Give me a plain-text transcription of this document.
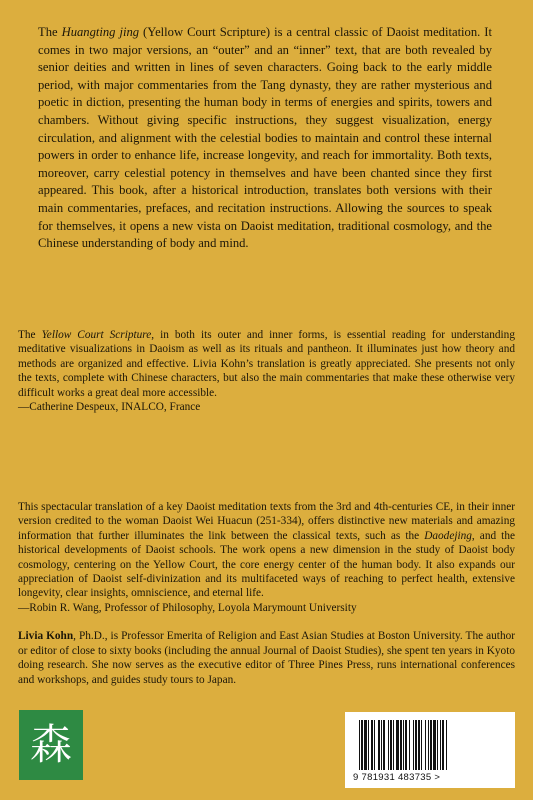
The Huangting jing (Yellow Court Scripture) is a central classic of Daoist meditation. It comes in two major versions, an “outer” and an “inner” text, that are both revealed by senior deities and written in lines of seven characters. Going back to the early middle period, with major commentaries from the Tang dynasty, they are rather mysterious and poetic in diction, presenting the human body in terms of energies and spirits, towers and chambers. Without giving specific instructions, they suggest visualization, energy circulation, and alignment with the celestial bodies to maintain and control these internal powers in order to enhance life, increase longevity, and reach for immortality. Both texts, moreover, carry celestial potency in themselves and have been chanted since they first appeared. This book, after a historical introduction, translates both versions with their main commentaries, prefaces, and recitation instructions. Allowing the sources to speak for themselves, it opens a new vista on Daoist meditation, traditional cosmology, and the Chinese understanding of body and mind.

The Yellow Court Scripture, in both its outer and inner forms, is essential reading for understanding meditative visualizations in Daoism as well as its rituals and pantheon. It illuminates just how theory and methods are organized and effective. Livia Kohn’s translation is greatly appreciated. She presents not only the texts, complete with Chinese characters, but also the main commentaries that make these otherwise very difficult works a great deal more accessible.

—Catherine Despeux, INALCO, France

This spectacular translation of a key Daoist meditation texts from the 3rd and 4th-centuries CE, in their inner version credited to the woman Daoist Wei Huacun (251-334), offers distinctive new materials and amazing information that further illuminates the link between the classical texts, such as the Daodejing, and the historical developments of Daoist schools. The work opens a new dimension in the study of Daoist body cosmology, centering on the Yellow Court, the core energy center of the human body. It also expands our appreciation of Daoist self-divinization and its multifaceted ways of reaching to perfect health, extensive longevity, clear insights, omniscience, and eternal life.

—Robin R. Wang, Professor of Philosophy, Loyola Marymount University

Livia Kohn, Ph.D., is Professor Emerita of Religion and East Asian Studies at Boston University. The author or editor of close to sixty books (including the annual Journal of Daoist Studies), she spent ten years in Kyoto doing research. She now serves as the executive editor of Three Pines Press, runs international conferences and workshops, and guides study tours to Japan.

森
9 781931 483735 >
